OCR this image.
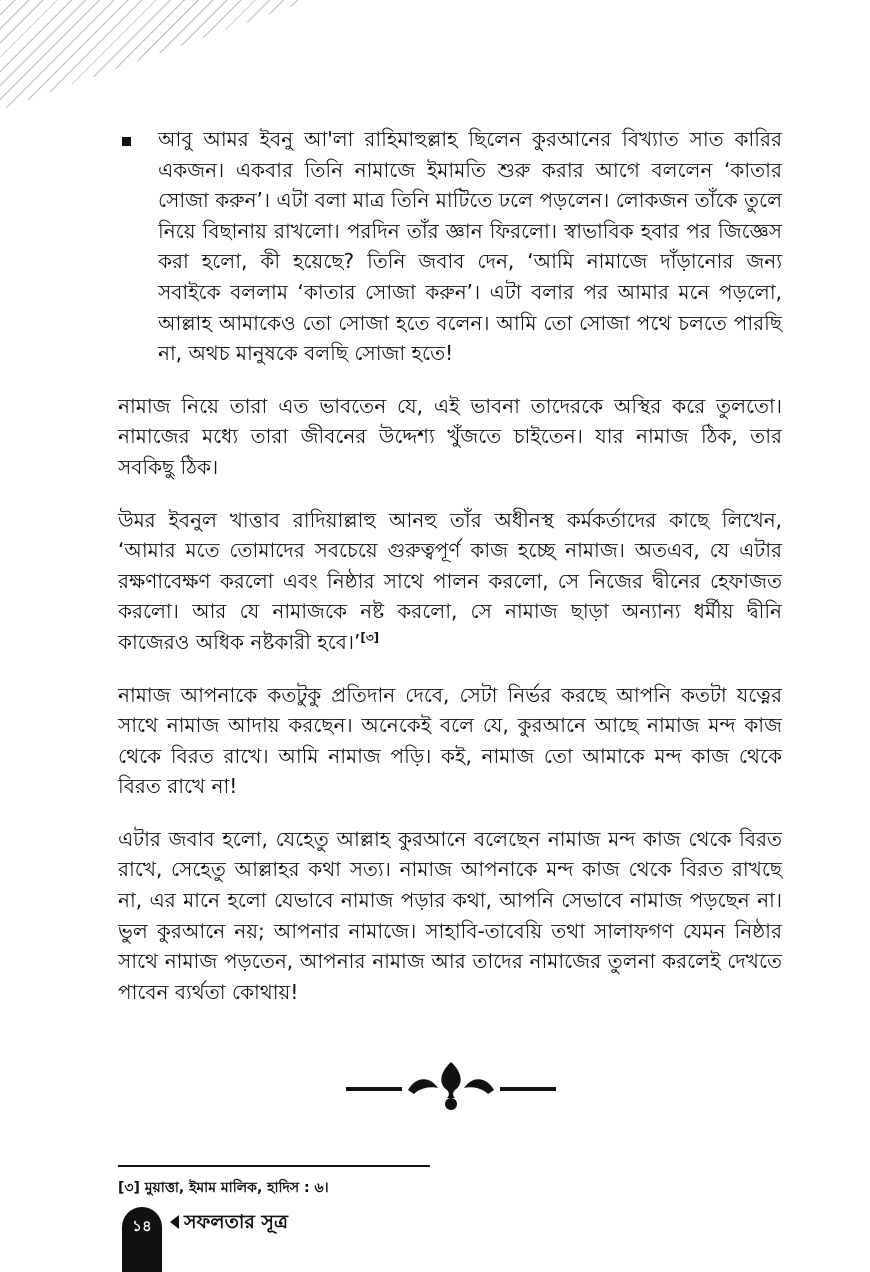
আবু আমর ইবনু আ'লা রাহিমাহুল্লাহ ছিলেন কুরআনের বিখ্যাত সাত কারির একজন। একবার তিনি নামাজে ইমামতি শুরু করার আগে বললেন ‘কাতার সোজা করুন’। এটা বলা মাত্র তিনি মাটিতে ঢলে পড়লেন। লোকজন তাঁকে তুলে নিয়ে বিছানায় রাখলো। পরদিন তাঁর জ্ঞান ফিরলো। স্বাভাবিক হবার পর জিজ্ঞেস করা হলো, কী হয়েছে? তিনি জবাব দেন, ‘আমি নামাজে দাঁড়ানোর জন্য সবাইকে বললাম ‘কাতার সোজা করুন’। এটা বলার পর আমার মনে পড়লো, আল্লাহ আমাকেও তো সোজা হতে বলেন। আমি তো সোজা পথে চলতে পারছি না, অথচ মানুষকে বলছি সোজা হতে!

নামাজ নিয়ে তারা এত ভাবতেন যে, এই ভাবনা তাদেরকে অস্থির করে তুলতো। নামাজের মধ্যে তারা জীবনের উদ্দেশ্য খুঁজতে চাইতেন। যার নামাজ ঠিক, তার সবকিছু ঠিক।

উমর ইবনুল খাত্তাব রাদিয়াল্লাহু আনহু তাঁর অধীনস্থ কর্মকর্তাদের কাছে লিখেন, ‘আমার মতে তোমাদের সবচেয়ে গুরুত্বপূর্ণ কাজ হচ্ছে নামাজ। অতএব, যে এটার রক্ষণাবেক্ষণ করলো এবং নিষ্ঠার সাথে পালন করলো, সে নিজের দ্বীনের হেফাজত করলো। আর যে নামাজকে নষ্ট করলো, সে নামাজ ছাড়া অন্যান্য ধর্মীয় দ্বীনি কাজেরও অধিক নষ্টকারী হবে।’[৩]

নামাজ আপনাকে কতটুকু প্রতিদান দেবে, সেটা নির্ভর করছে আপনি কতটা যত্নের সাথে নামাজ আদায় করছেন। অনেকেই বলে যে, কুরআনে আছে নামাজ মন্দ কাজ থেকে বিরত রাখে। আমি নামাজ পড়ি। কই, নামাজ তো আমাকে মন্দ কাজ থেকে বিরত রাখে না!

এটার জবাব হলো, যেহেতু আল্লাহ কুরআনে বলেছেন নামাজ মন্দ কাজ থেকে বিরত রাখে, সেহেতু আল্লাহর কথা সত্য। নামাজ আপনাকে মন্দ কাজ থেকে বিরত রাখছে না, এর মানে হলো যেভাবে নামাজ পড়ার কথা, আপনি সেভাবে নামাজ পড়ছেন না। ভুল কুরআনে নয়; আপনার নামাজে। সাহাবি-তাবেয়ি তথা সালাফগণ যেমন নিষ্ঠার সাথে নামাজ পড়তেন, আপনার নামাজ আর তাদের নামাজের তুলনা করলেই দেখতে পাবেন ব্যর্থতা কোথায়!

[৩] মুয়াত্তা, ইমাম মালিক, হাদিস : ৬।
১৪	সফলতার সূত্র
